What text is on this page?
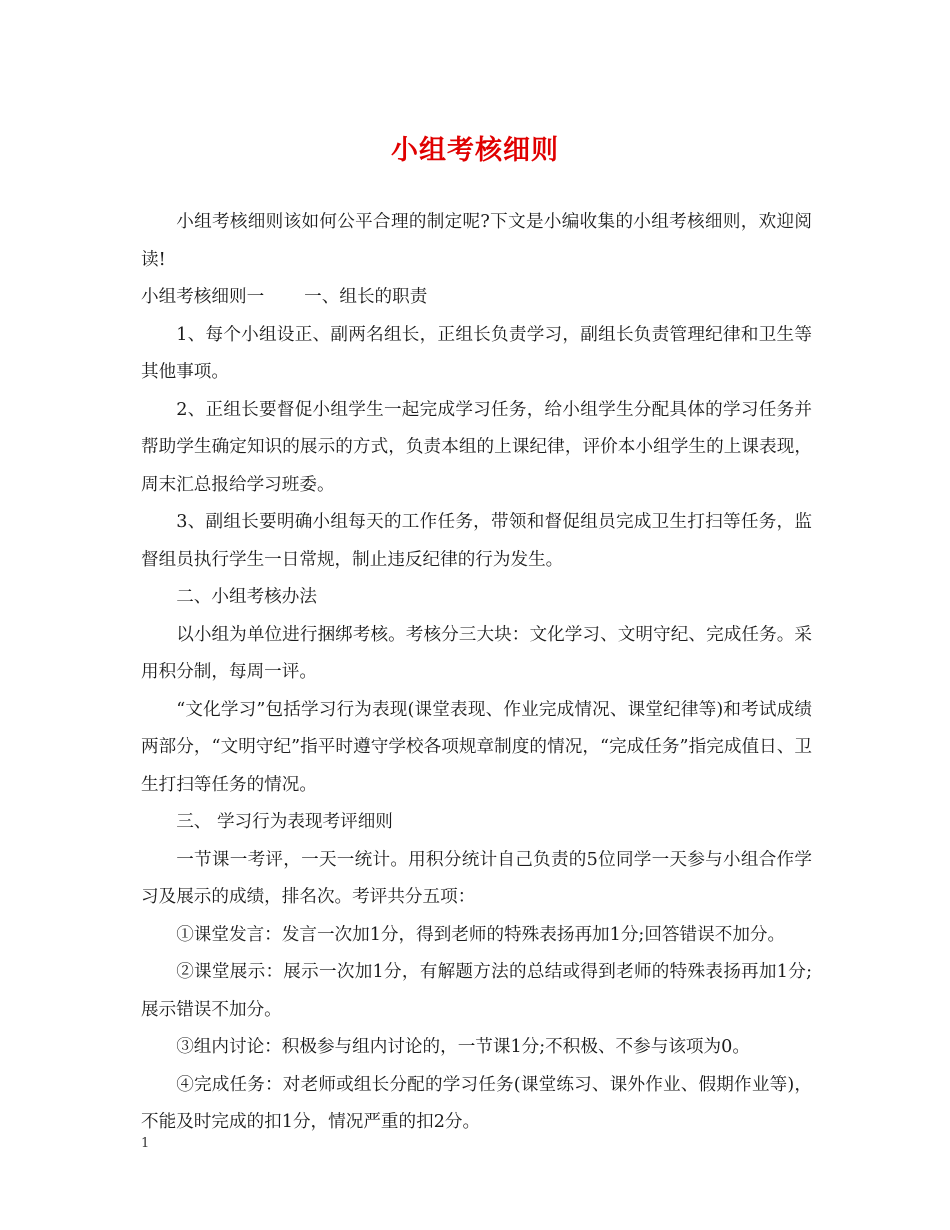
小组考核细则

小组考核细则该如何公平合理的制定呢?下文是小编收集的小组考核细则，欢迎阅读!

小组考核细则一 一、组长的职责

1、每个小组设正、副两名组长，正组长负责学习，副组长负责管理纪律和卫生等其他事项。

2、正组长要督促小组学生一起完成学习任务，给小组学生分配具体的学习任务并帮助学生确定知识的展示的方式，负责本组的上课纪律，评价本小组学生的上课表现，周末汇总报给学习班委。

3、副组长要明确小组每天的工作任务，带领和督促组员完成卫生打扫等任务，监督组员执行学生一日常规，制止违反纪律的行为发生。

二、小组考核办法

以小组为单位进行捆绑考核。考核分三大块：文化学习、文明守纪、完成任务。采用积分制，每周一评。

“文化学习”包括学习行为表现(课堂表现、作业完成情况、课堂纪律等)和考试成绩两部分，“文明守纪”指平时遵守学校各项规章制度的情况，“完成任务”指完成值日、卫生打扫等任务的情况。

三、 学习行为表现考评细则

一节课一考评，一天一统计。用积分统计自己负责的5位同学一天参与小组合作学习及展示的成绩，排名次。考评共分五项：

①课堂发言：发言一次加1分，得到老师的特殊表扬再加1分;回答错误不加分。

②课堂展示：展示一次加1分，有解题方法的总结或得到老师的特殊表扬再加1分;展示错误不加分。

③组内讨论：积极参与组内讨论的，一节课1分;不积极、不参与该项为0。

④完成任务：对老师或组长分配的学习任务(课堂练习、课外作业、假期作业等)，不能及时完成的扣1分，情况严重的扣2分。

1
